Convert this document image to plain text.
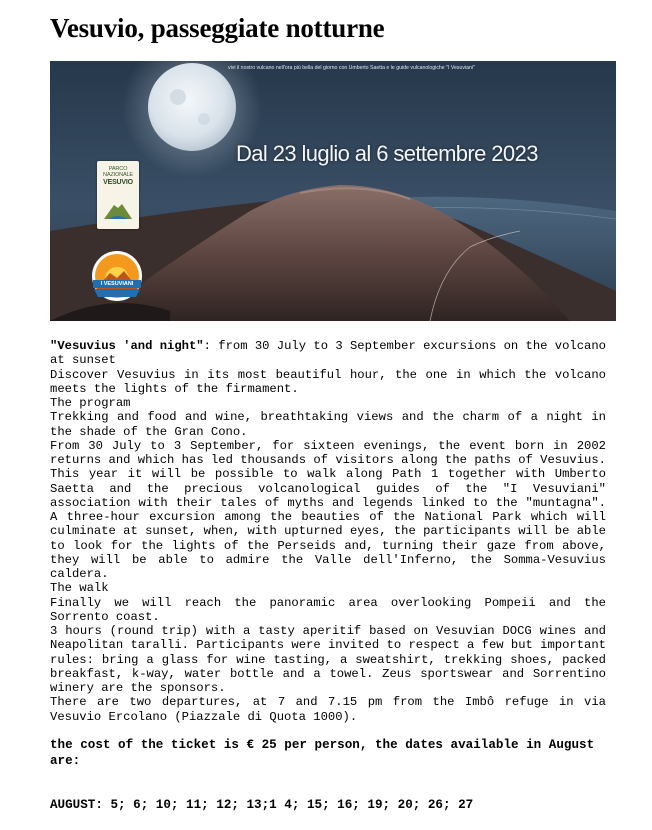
Vesuvio, passeggiate notturne
vivi il nostro vulcano nell'ora più bella del giorno con Umberto Saetta e le guide vulcanologiche "I Vesuviani"
Dal 23 luglio al 6 settembre 2023
PARCO
NAZIONALE
VESUVIO
I VESUVIANI

"Vesuvius 'and night": from 30 July to 3 September excursions on the volcano at sunset

Discover Vesuvius in its most beautiful hour, the one in which the volcano meets the lights of the firmament.

The program

Trekking and food and wine, breathtaking views and the charm of a night in the shade of the Gran Cono.

From 30 July to 3 September, for sixteen evenings, the event born in 2002 returns and which has led thousands of visitors along the paths of Vesuvius. This year it will be possible to walk along Path 1 together with Umberto Saetta and the precious volcanological guides of the "I Vesuviani" association with their tales of myths and legends linked to the "muntagna". A three-hour excursion among the beauties of the National Park which will culminate at sunset, when, with upturned eyes, the participants will be able to look for the lights of the Perseids and, turning their gaze from above, they will be able to admire the Valle dell'Inferno, the Somma-Vesuvius caldera.

The walk

Finally we will reach the panoramic area overlooking Pompeii and the Sorrento coast.

3 hours (round trip) with a tasty aperitif based on Vesuvian DOCG wines and Neapolitan taralli. Participants were invited to respect a few but important rules: bring a glass for wine tasting, a sweatshirt, trekking shoes, packed breakfast, k-way, water bottle and a towel. Zeus sportswear and Sorrentino winery are the sponsors.

There are two departures, at 7 and 7.15 pm from the Imbô refuge in via Vesuvio Ercolano (Piazzale di Quota 1000).

the cost of the ticket is € 25 per person, the dates available in August are:

AUGUST: 5; 6; 10; 11; 12; 13;1 4; 15; 16; 19; 20; 26; 27
